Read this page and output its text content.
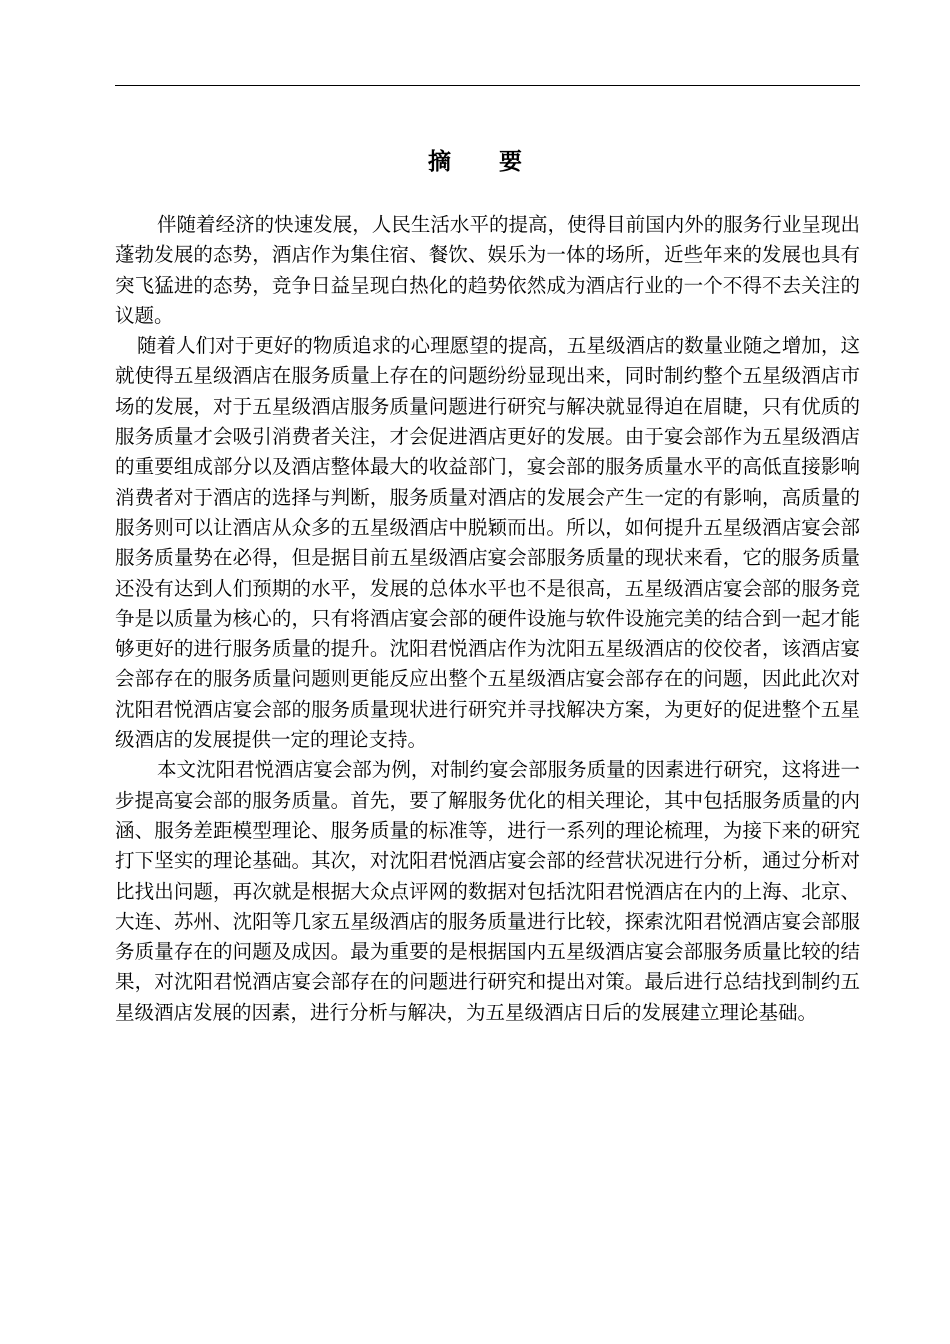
摘 要

伴随着经济的快速发展，人民生活水平的提高，使得目前国内外的服务行业呈现出蓬勃发展的态势，酒店作为集住宿、餐饮、娱乐为一体的场所，近些年来的发展也具有突飞猛进的态势，竞争日益呈现白热化的趋势依然成为酒店行业的一个不得不去关注的议题。

随着人们对于更好的物质追求的心理愿望的提高，五星级酒店的数量业随之增加，这就使得五星级酒店在服务质量上存在的问题纷纷显现出来，同时制约整个五星级酒店市场的发展，对于五星级酒店服务质量问题进行研究与解决就显得迫在眉睫，只有优质的服务质量才会吸引消费者关注，才会促进酒店更好的发展。由于宴会部作为五星级酒店的重要组成部分以及酒店整体最大的收益部门，宴会部的服务质量水平的高低直接影响消费者对于酒店的选择与判断，服务质量对酒店的发展会产生一定的有影响，高质量的服务则可以让酒店从众多的五星级酒店中脱颖而出。所以，如何提升五星级酒店宴会部服务质量势在必得，但是据目前五星级酒店宴会部服务质量的现状来看，它的服务质量还没有达到人们预期的水平，发展的总体水平也不是很高，五星级酒店宴会部的服务竞争是以质量为核心的，只有将酒店宴会部的硬件设施与软件设施完美的结合到一起才能够更好的进行服务质量的提升。沈阳君悦酒店作为沈阳五星级酒店的佼佼者，该酒店宴会部存在的服务质量问题则更能反应出整个五星级酒店宴会部存在的问题，因此此次对沈阳君悦酒店宴会部的服务质量现状进行研究并寻找解决方案，为更好的促进整个五星级酒店的发展提供一定的理论支持。

本文沈阳君悦酒店宴会部为例，对制约宴会部服务质量的因素进行研究，这将进一步提高宴会部的服务质量。首先，要了解服务优化的相关理论，其中包括服务质量的内涵、服务差距模型理论、服务质量的标准等，进行一系列的理论梳理，为接下来的研究打下坚实的理论基础。其次，对沈阳君悦酒店宴会部的经营状况进行分析，通过分析对比找出问题，再次就是根据大众点评网的数据对包括沈阳君悦酒店在内的上海、北京、大连、苏州、沈阳等几家五星级酒店的服务质量进行比较，探索沈阳君悦酒店宴会部服务质量存在的问题及成因。最为重要的是根据国内五星级酒店宴会部服务质量比较的结果，对沈阳君悦酒店宴会部存在的问题进行研究和提出对策。最后进行总结找到制约五星级酒店发展的因素，进行分析与解决，为五星级酒店日后的发展建立理论基础。
